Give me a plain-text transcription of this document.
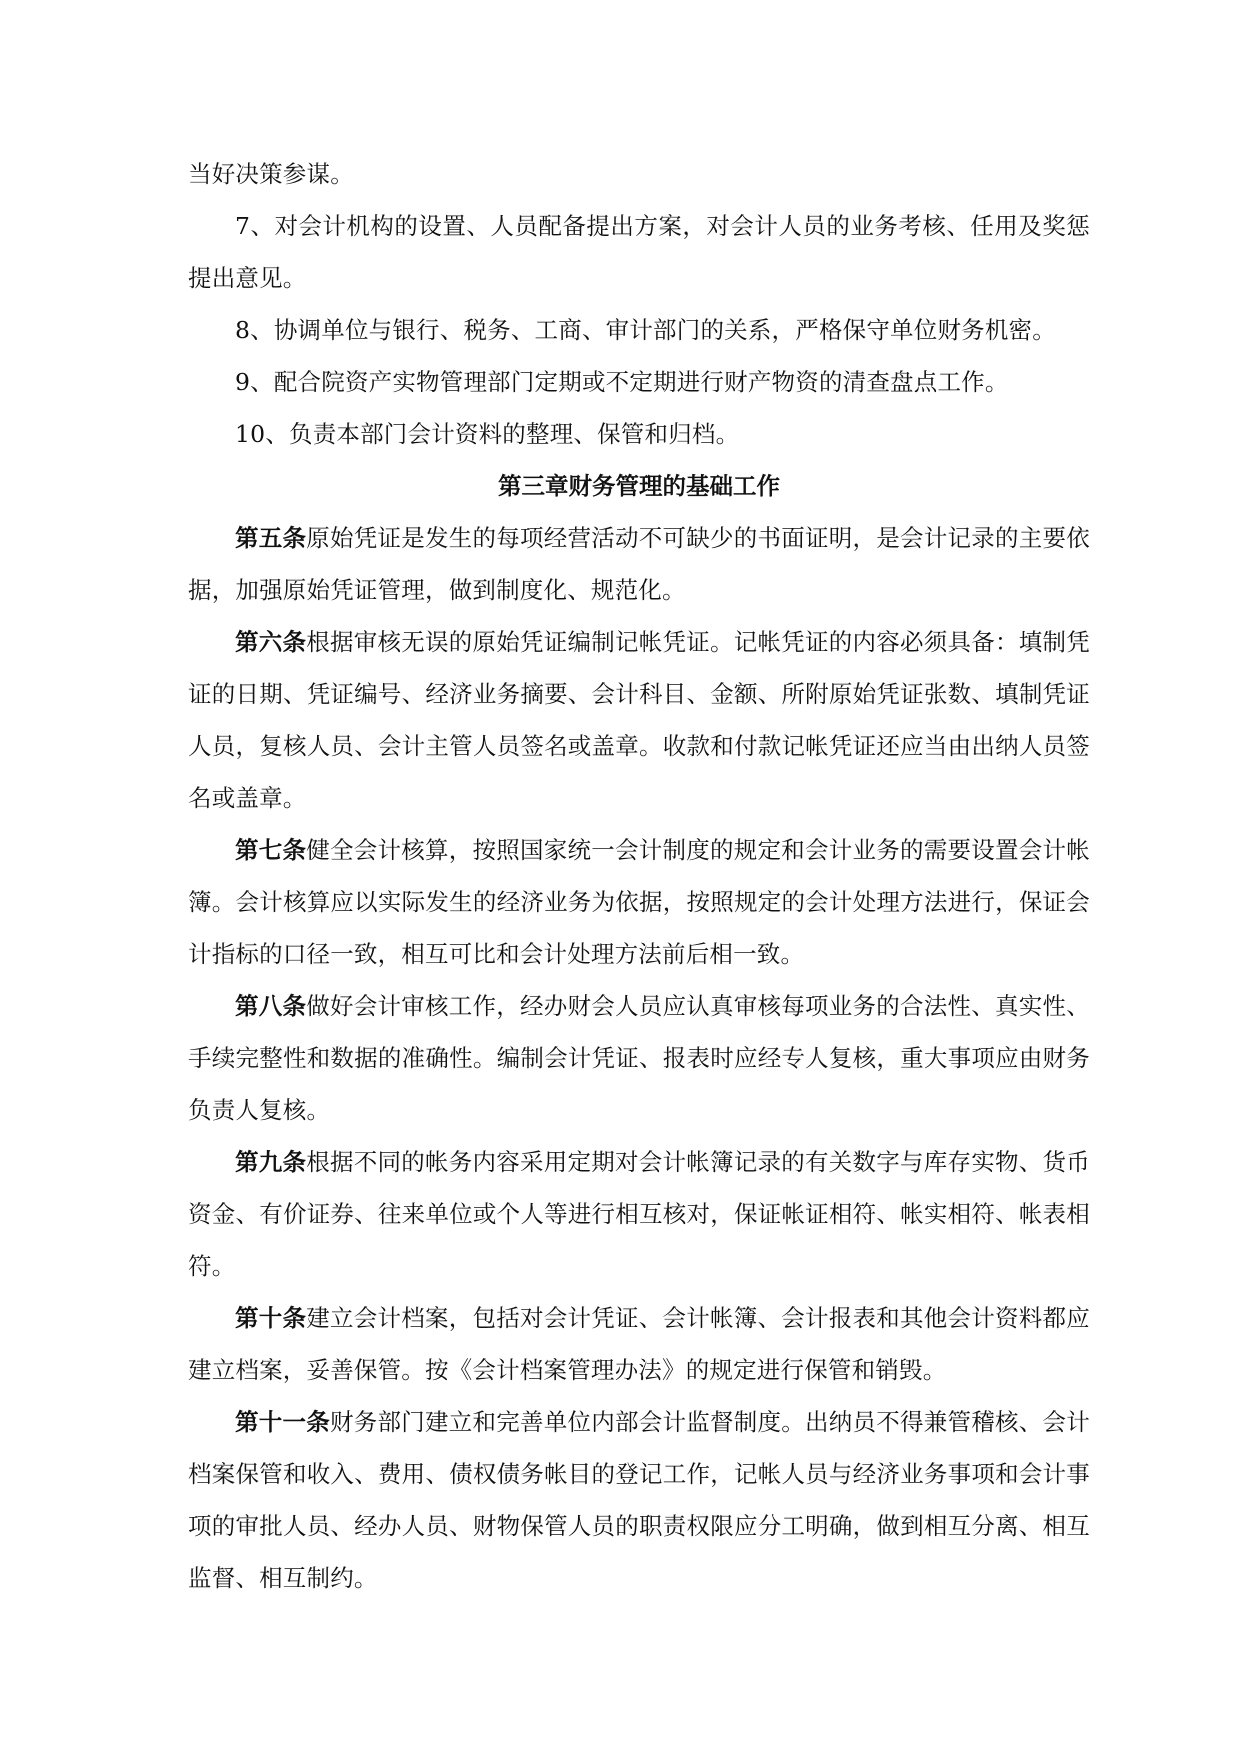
当好决策参谋。

7、对会计机构的设置、人员配备提出方案，对会计人员的业务考核、任用及奖惩提出意见。

8、协调单位与银行、税务、工商、审计部门的关系，严格保守单位财务机密。

9、配合院资产实物管理部门定期或不定期进行财产物资的清查盘点工作。

10、负责本部门会计资料的整理、保管和归档。

第三章财务管理的基础工作

第五条原始凭证是发生的每项经营活动不可缺少的书面证明，是会计记录的主要依据，加强原始凭证管理，做到制度化、规范化。

第六条根据审核无误的原始凭证编制记帐凭证。记帐凭证的内容必须具备：填制凭证的日期、凭证编号、经济业务摘要、会计科目、金额、所附原始凭证张数、填制凭证人员，复核人员、会计主管人员签名或盖章。收款和付款记帐凭证还应当由出纳人员签名或盖章。

第七条健全会计核算，按照国家统一会计制度的规定和会计业务的需要设置会计帐簿。会计核算应以实际发生的经济业务为依据，按照规定的会计处理方法进行，保证会计指标的口径一致，相互可比和会计处理方法前后相一致。

第八条做好会计审核工作，经办财会人员应认真审核每项业务的合法性、真实性、手续完整性和数据的准确性。编制会计凭证、报表时应经专人复核，重大事项应由财务负责人复核。

第九条根据不同的帐务内容采用定期对会计帐簿记录的有关数字与库存实物、货币资金、有价证券、往来单位或个人等进行相互核对，保证帐证相符、帐实相符、帐表相符。

第十条建立会计档案，包括对会计凭证、会计帐簿、会计报表和其他会计资料都应建立档案，妥善保管。按《会计档案管理办法》的规定进行保管和销毁。

第十一条财务部门建立和完善单位内部会计监督制度。出纳员不得兼管稽核、会计档案保管和收入、费用、债权债务帐目的登记工作，记帐人员与经济业务事项和会计事项的审批人员、经办人员、财物保管人员的职责权限应分工明确，做到相互分离、相互监督、相互制约。
